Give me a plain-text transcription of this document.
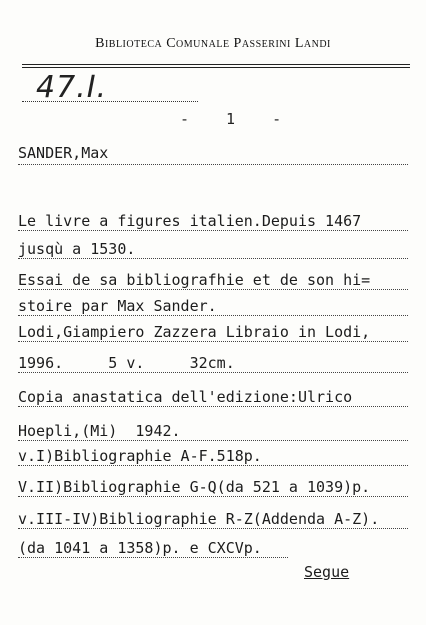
Biblioteca Comunale Passerini Landi
47.I.
- 1 -
SANDER,Max
Le livre a figures italien.Depuis 1467
jusqù a 1530.
Essai de sa bibliografhie et de son hi=
stoire par Max Sander.
Lodi,Giampiero Zazzera Libraio in Lodi,
1996.     5 v.     32cm.
Copia anastatica dell'edizione:Ulrico
Hoepli,(Mi)  1942.
v.I)Bibliographie A-F.518p.
V.II)Bibliographie G-Q(da 521 a 1039)p.
v.III-IV)Bibliographie R-Z(Addenda A-Z).
(da 1041 a 1358)p. e CXCVp.
Segue
